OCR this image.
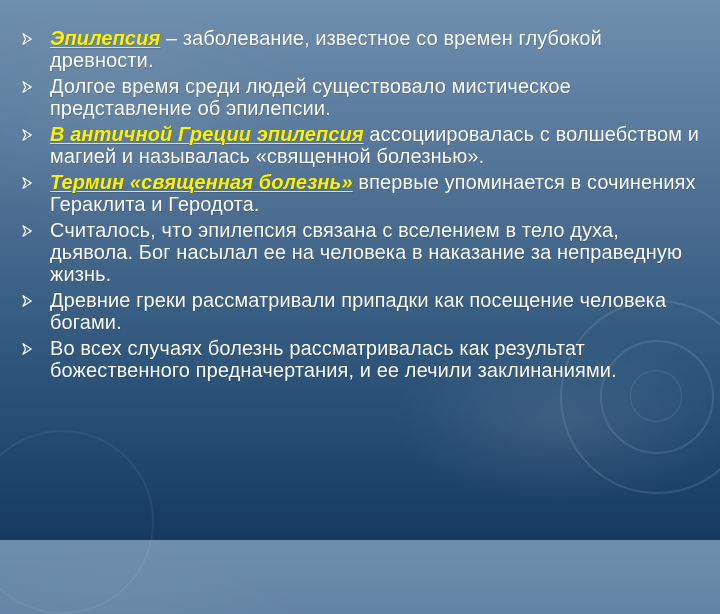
Эпилепсия – заболевание, известное со времен глубокой древности.
Долгое время среди людей существовало мистическое представление об эпилепсии.
В античной Греции эпилепсия ассоциировалась с волшебством и магией и называлась «священной болезнью».
Термин «священная болезнь» впервые упоминается в сочинениях Гераклита и Геродота.
Считалось, что эпилепсия связана с вселением в тело духа, дьявола. Бог насылал ее на человека в наказание за неправедную жизнь.
Древние греки рассматривали припадки как посещение человека богами.
Во всех случаях болезнь рассматривалась как результат божественного предначертания, и ее лечили заклинаниями.
